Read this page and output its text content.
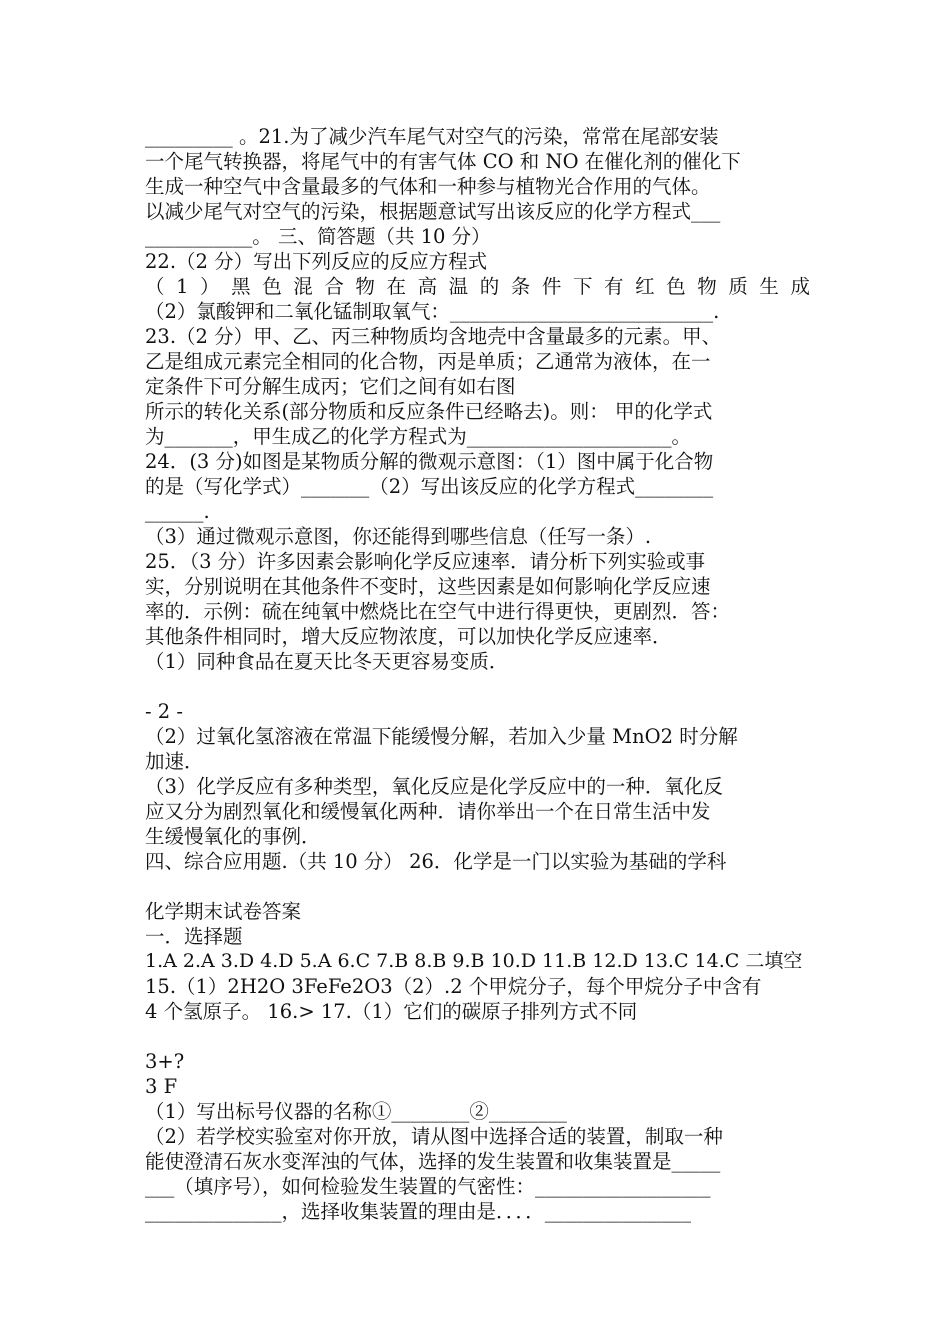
_________ 。21.为了减少汽车尾气对空气的污染，常常在尾部安装
一个尾气转换器，将尾气中的有害气体 CO 和 NO 在催化剂的催化下
生成一种空气中含量最多的气体和一种参与植物光合作用的气体。
以减少尾气对空气的污染，根据题意试写出该反应的化学方程式___
___________。 三、简答题（共 10 分）
22.（2 分）写出下列反应的反应方程式
（1）黑色混合物在高温的条件下有红色物质生成
（2）氯酸钾和二氧化锰制取氧气：___________________________.
23.（2 分）甲、乙、丙三种物质均含地壳中含量最多的元素。甲、
乙是组成元素完全相同的化合物，丙是单质；乙通常为液体，在一
定条件下可分解生成丙；它们之间有如右图
所示的转化关系(部分物质和反应条件已经略去)。则： 甲的化学式
为_______，甲生成乙的化学方程式为_____________________。
24．(3 分)如图是某物质分解的微观示意图：（1）图中属于化合物
的是（写化学式）_______（2）写出该反应的化学方程式________
______.
（3）通过微观示意图，你还能得到哪些信息（任写一条）.
25．（3 分）许多因素会影响化学反应速率．请分析下列实验或事
实，分别说明在其他条件不变时，这些因素是如何影响化学反应速
率的．示例：硫在纯氧中燃烧比在空气中进行得更快，更剧烈．答：
其他条件相同时，增大反应物浓度，可以加快化学反应速率．
（1）同种食品在夏天比冬天更容易变质．
- 2 -
（2）过氧化氢溶液在常温下能缓慢分解，若加入少量 MnO2 时分解
加速．
（3）化学反应有多种类型，氧化反应是化学反应中的一种．氧化反
应又分为剧烈氧化和缓慢氧化两种．请你举出一个在日常生活中发
生缓慢氧化的事例．
四、综合应用题.（共 10 分） 26．化学是一门以实验为基础的学科
化学期末试卷答案
一．选择题
1.A 2.A 3.D 4.D 5.A 6.C 7.B 8.B 9.B 10.D 11.B 12.D 13.C 14.C 二填空
15.（1）2H2O 3FeFe2O3（2）.2 个甲烷分子，每个甲烷分子中含有
4 个氢原子。 16.> 17.（1）它们的碳原子排列方式不同
3+?
3 F
（1）写出标号仪器的名称①________②________
（2）若学校实验室对你开放，请从图中选择合适的装置，制取一种
能使澄清石灰水变浑浊的气体，选择的发生装置和收集装置是_____
___（填序号），如何检验发生装置的气密性：__________________
______________，选择收集装置的理由是．．．．_______________
